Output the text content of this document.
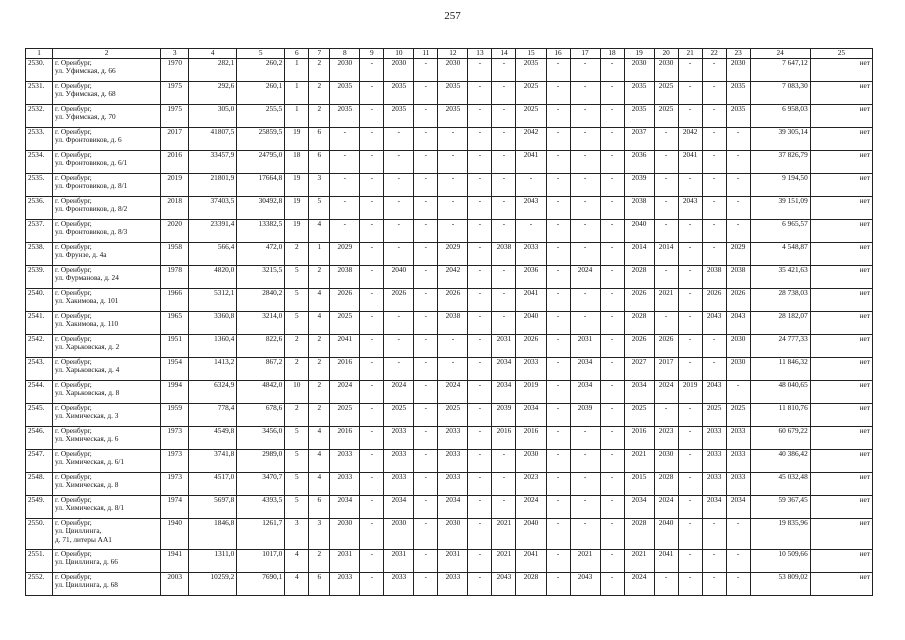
257
1	2	3	4	5	6	7	8	9	10	11	12	13	14	15	16	17	18	19	20	21	22	23	24	25
2530.	г. Оренбург,
ул. Уфимская, д. 66	1970	282,1	260,2	1	2	2030	-	2030	-	2030	-	-	2035	-	-	-	2030	2030	-	-	2030	7 647,12	нет
2531.	г. Оренбург,
ул. Уфимская, д. 68	1975	292,6	260,1	1	2	2035	-	2035	-	2035	-	-	2025	-	-	-	2035	2025	-	-	2035	7 083,30	нет
2532.	г. Оренбург,
ул. Уфимская, д. 70	1975	305,0	255,5	1	2	2035	-	2035	-	2035	-	-	2025	-	-	-	2035	2025	-	-	2035	6 958,03	нет
2533.	г. Оренбург,
ул. Фронтовиков, д. 6	2017	41807,5	25859,5	19	6	-	-	-	-	-	-	-	2042	-	-	-	2037	-	2042	-	-	39 305,14	нет
2534.	г. Оренбург,
ул. Фронтовиков, д. 6/1	2016	33457,9	24795,0	18	6	-	-	-	-	-	-	-	2041	-	-	-	2036	-	2041	-	-	37 826,79	нет
2535.	г. Оренбург,
ул. Фронтовиков, д. 8/1	2019	21801,9	17664,8	19	3	-	-	-	-	-	-	-	-	-	-	-	2039	-	-	-	-	9 194,50	нет
2536.	г. Оренбург,
ул. Фронтовиков, д. 8/2	2018	37403,5	30492,8	19	5	-	-	-	-	-	-	-	2043	-	-	-	2038	-	2043	-	-	39 151,09	нет
2537.	г. Оренбург,
ул. Фронтовиков, д. 8/3	2020	23391,4	13382,5	19	4	-	-	-	-	-	-	-	-	-	-	-	2040	-	-	-	-	6 965,57	нет
2538.	г. Оренбург,
ул. Фрунзе, д. 4а	1958	566,4	472,0	2	1	2029	-	-	-	2029	-	2038	2033	-	-	-	2014	2014	-	-	2029	4 548,87	нет
2539.	г. Оренбург,
ул. Фурманова, д. 24	1978	4820,0	3215,5	5	2	2038	-	2040	-	2042	-	-	2036	-	2024	-	2028	-	-	2038	2038	35 421,63	нет
2540.	г. Оренбург,
ул. Хакимова, д. 101	1966	5312,1	2840,2	5	4	2026	-	2026	-	2026	-	-	2041	-	-	-	2026	2021	-	2026	2026	28 738,03	нет
2541.	г. Оренбург,
ул. Хакимова, д. 110	1965	3360,8	3214,0	5	4	2025	-	-	-	2038	-	-	2040	-	-	-	2028	-	-	2043	2043	28 182,07	нет
2542.	г. Оренбург,
ул. Харьковская, д. 2	1951	1360,4	822,6	2	2	2041	-	-	-	-	-	2031	2026	-	2031	-	2026	2026	-	-	2030	24 777,33	нет
2543.	г. Оренбург,
ул. Харьковская, д. 4	1954	1413,2	867,2	2	2	2016	-	-	-	-	-	2034	2033	-	2034	-	2027	2017	-	-	2030	11 846,32	нет
2544.	г. Оренбург,
ул. Харьковская, д. 8	1994	6324,9	4842,0	10	2	2024	-	2024	-	2024	-	2034	2019	-	2034	-	2034	2024	2019	2043	-	48 040,65	нет
2545.	г. Оренбург,
ул. Химическая, д. 3	1959	778,4	678,6	2	2	2025	-	2025	-	2025	-	2039	2034	-	2039	-	2025	-	-	2025	2025	11 810,76	нет
2546.	г. Оренбург,
ул. Химическая, д. 6	1973	4549,8	3456,0	5	4	2016	-	2033	-	2033	-	2016	2016	-	-	-	2016	2023	-	2033	2033	60 679,22	нет
2547.	г. Оренбург,
ул. Химическая, д. 6/1	1973	3741,8	2989,0	5	4	2033	-	2033	-	2033	-	-	2030	-	-	-	2021	2030	-	2033	2033	40 386,42	нет
2548.	г. Оренбург,
ул. Химическая, д. 8	1973	4517,0	3470,7	5	4	2033	-	2033	-	2033	-	-	2023	-	-	-	2015	2028	-	2033	2033	45 032,48	нет
2549.	г. Оренбург,
ул. Химическая, д. 8/1	1974	5697,8	4393,5	5	6	2034	-	2034	-	2034	-	-	2024	-	-	-	2034	2024	-	2034	2034	59 367,45	нет
2550.	г. Оренбург,
ул. Цвиллинга,
д. 71, литеры АА1	1940	1846,8	1261,7	3	3	2030	-	2030	-	2030	-	2021	2040	-	-	-	2028	2040	-	-	-	19 835,96	нет
2551.	г. Оренбург,
ул. Цвиллинга, д. 66	1941	1311,0	1017,0	4	2	2031	-	2031	-	2031	-	2021	2041	-	2021	-	2021	2041	-	-	-	10 509,66	нет
2552.	г. Оренбург,
ул. Цвиллинга, д. 68	2003	10259,2	7690,1	4	6	2033	-	2033	-	2033	-	2043	2028	-	2043	-	2024	-	-	-	-	53 809,02	нет
